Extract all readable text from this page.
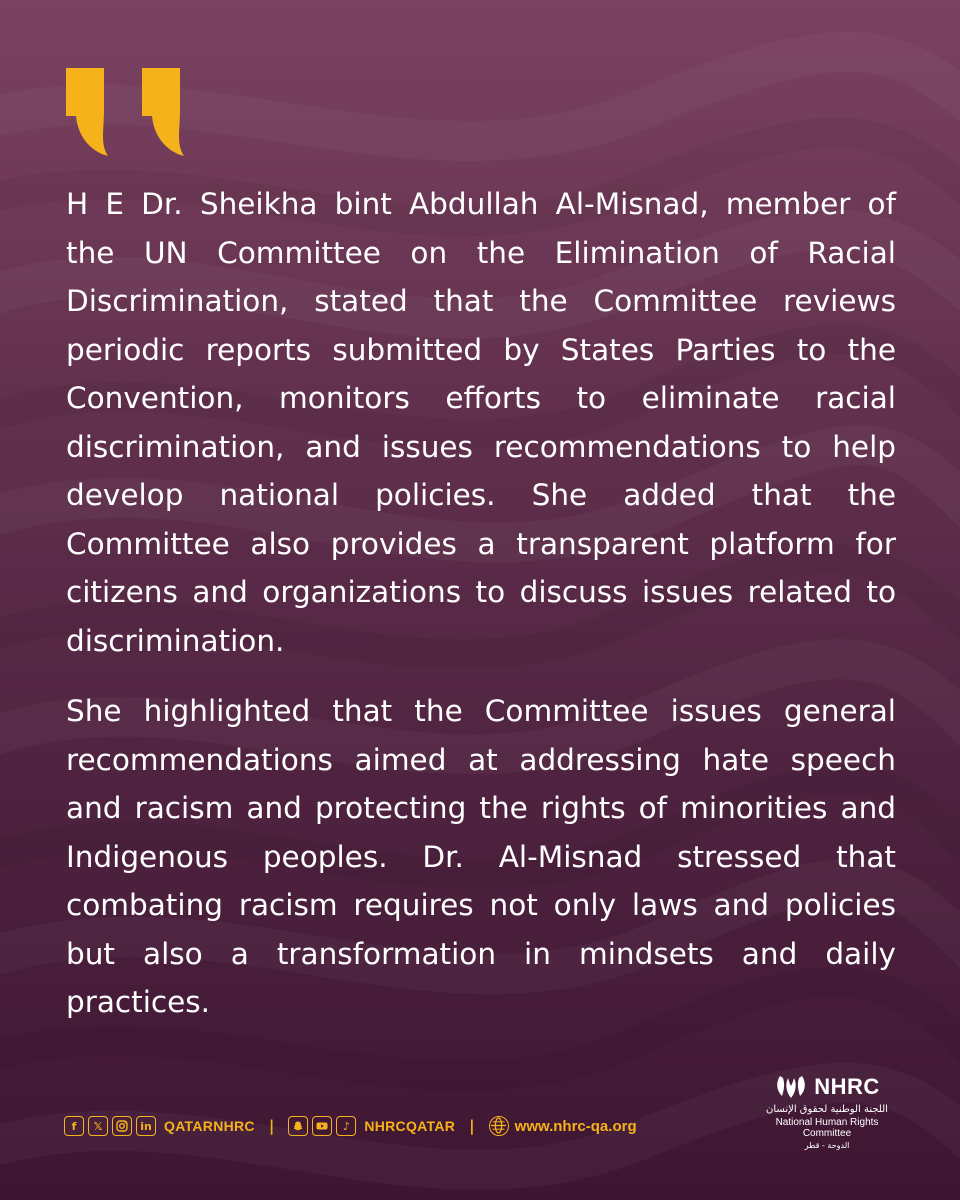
H E Dr. Sheikha bint Abdullah Al-Misnad, member of the UN Committee on the Elimination of Racial Discrimination, stated that the Committee reviews periodic reports submitted by States Parties to the Convention, monitors efforts to eliminate racial discrimination, and issues recommendations to help develop national policies. She added that the Committee also provides a transparent platform for citizens and organizations to discuss issues related to discrimination.

She highlighted that the Committee issues general recommendations aimed at addressing hate speech and racism and protecting the rights of minorities and Indigenous peoples. Dr. Al-Misnad stressed that combating racism requires not only laws and policies but also a transformation in mindsets and daily practices.

f	𝕏	in QATARNHRC |	♪	NHRCQATAR |	www.nhrc-qa.org
NHRC
اللجنة الوطنية لحقوق الإنسان
National Human Rights Committee
الدوحة - قطر
